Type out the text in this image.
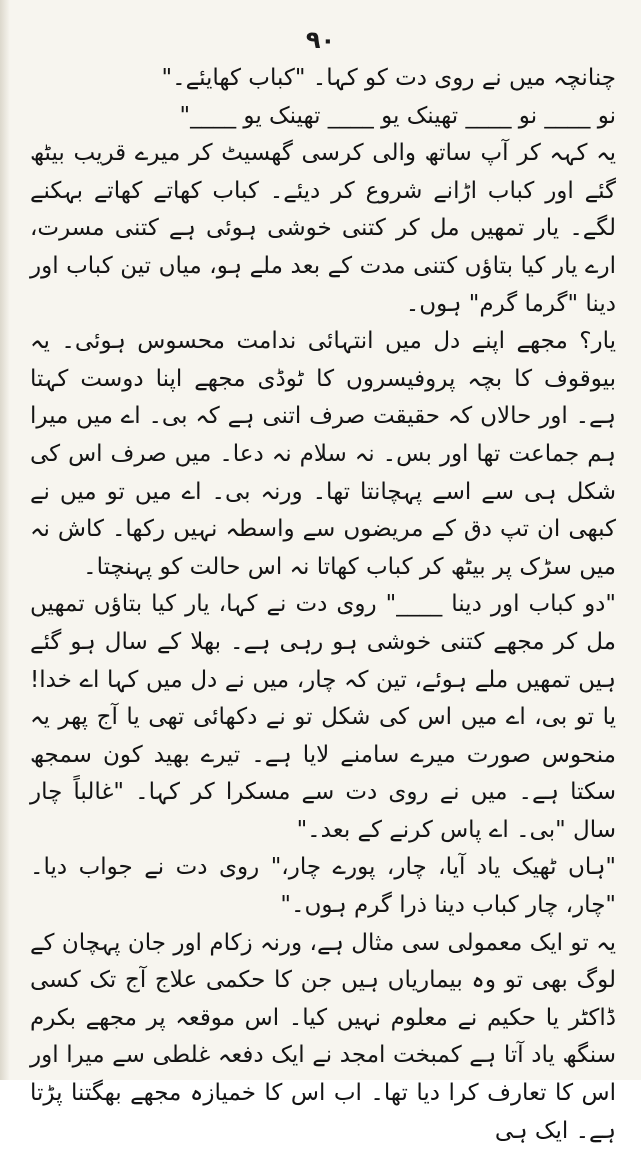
۹۰

چنانچہ میں نے روی دت کو کہا۔ "کباب کھایئے۔"

نو ____ نو ____ تھینک یو ____ تھینک یو ____"

یہ کہہ کر آپ ساتھ والی کرسی گھسیٹ کر میرے قریب بیٹھ گئے اور کباب اڑانے شروع کر دیئے۔ کباب کھاتے کھاتے بہکنے لگے۔ یار تمھیں مل کر کتنی خوشی ہوئی ہے کتنی مسرت، ارے یار کیا بتاؤں کتنی مدت کے بعد ملے ہو، میاں تین کباب اور دینا "گرما گرم" ہوں۔

یار؟ مجھے اپنے دل میں انتہائی ندامت محسوس ہوئی۔ یہ بیوقوف کا بچہ پروفیسروں کا ٹوڈی مجھے اپنا دوست کہتا ہے۔ اور حالاں کہ حقیقت صرف اتنی ہے کہ بی۔ اے میں میرا ہم جماعت تھا اور بس۔ نہ سلام نہ دعا۔ میں صرف اس کی شکل ہی سے اسے پہچانتا تھا۔ ورنہ بی۔ اے میں تو میں نے کبھی ان تپ دق کے مریضوں سے واسطہ نہیں رکھا۔ کاش نہ میں سڑک پر بیٹھ کر کباب کھاتا نہ اس حالت کو پہنچتا۔

"دو کباب اور دینا ____" روی دت نے کہا، یار کیا بتاؤں تمھیں مل کر مجھے کتنی خوشی ہو رہی ہے۔ بھلا کے سال ہو گئے ہیں تمھیں ملے ہوئے، تین کہ چار، میں نے دل میں کہا اے خدا! یا تو بی، اے میں اس کی شکل تو نے دکھائی تھی یا آج پھر یہ منحوس صورت میرے سامنے لایا ہے۔ تیرے بھید کون سمجھ سکتا ہے۔ میں نے روی دت سے مسکرا کر کہا۔ "غالباً چار سال "بی۔ اے پاس کرنے کے بعد۔"

"ہاں ٹھیک یاد آیا، چار، پورے چار،" روی دت نے جواب دیا۔ "چار، چار کباب دینا ذرا گرم ہوں۔"

یہ تو ایک معمولی سی مثال ہے، ورنہ زکام اور جان پہچان کے لوگ بھی تو وہ بیماریاں ہیں جن کا حکمی علاج آج تک کسی ڈاکٹر یا حکیم نے معلوم نہیں کیا۔ اس موقعہ پر مجھے بکرم سنگھ یاد آتا ہے کمبخت امجد نے ایک دفعہ غلطی سے میرا اور اس کا تعارف کرا دیا تھا۔ اب اس کا خمیازہ مجھے بھگتنا پڑتا ہے۔ ایک ہی
